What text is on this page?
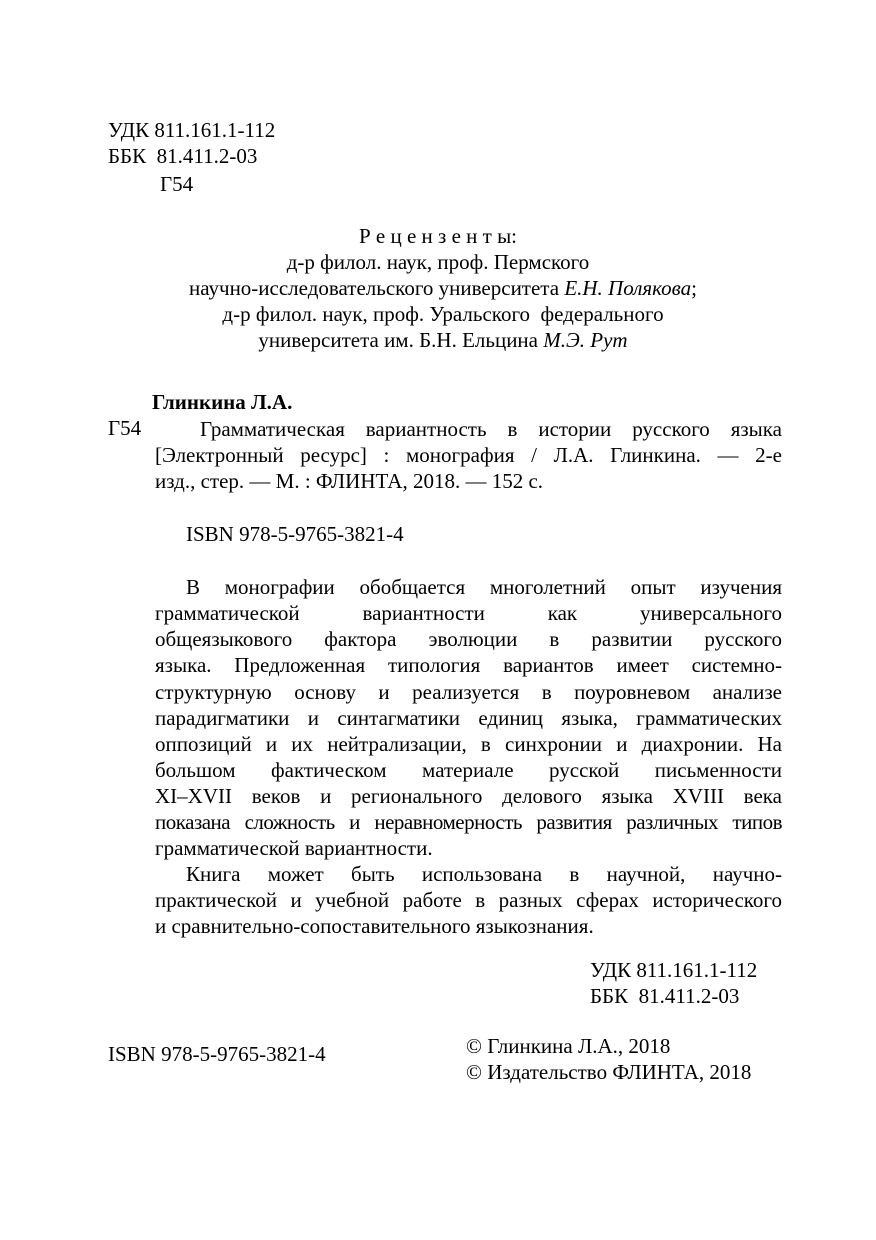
УДК 811.161.1-112
ББК  81.411.2-03
Г54
Р е ц е н з е н т ы:
д-р филол. наук, проф. Пермского
научно-исследовательского университета Е.Н. Полякова;
д-р филол. наук, проф. Уральского  федерального
университета им. Б.Н. Ельцина М.Э. Рут
Глинкина Л.А.
Г54	Грамматическая вариантность в истории русского языка
[Электронный ресурс] : монография / Л.А. Глинкина. — 2-е
изд., стер. — М. : ФЛИНТА, 2018. — 152 с.
ISBN 978-5-9765-3821-4
В монографии обобщается многолетний опыт изучения
грамматической вариантности как универсального
общеязыкового фактора эволюции в развитии русского
языка. Предложенная типология вариантов имеет системно-
структурную основу и реализуется в поуровневом анализе
парадигматики и синтагматики единиц языка, грамматических
оппозиций и их нейтрализации, в синхронии и диахронии. На
большом фактическом материале русской письменности
XI–XVII веков и регионального делового языка XVIII века
показана сложность и неравномерность развития различных типов
грамматической вариантности.
Книга может быть использована в научной, научно-
практической и учебной работе в разных сферах исторического
и сравнительно-сопоставительного языкознания.
УДК 811.161.1-112
ББК  81.411.2-03
ISBN 978-5-9765-3821-4	© Глинкина Л.А., 2018
© Издательство ФЛИНТА, 2018
